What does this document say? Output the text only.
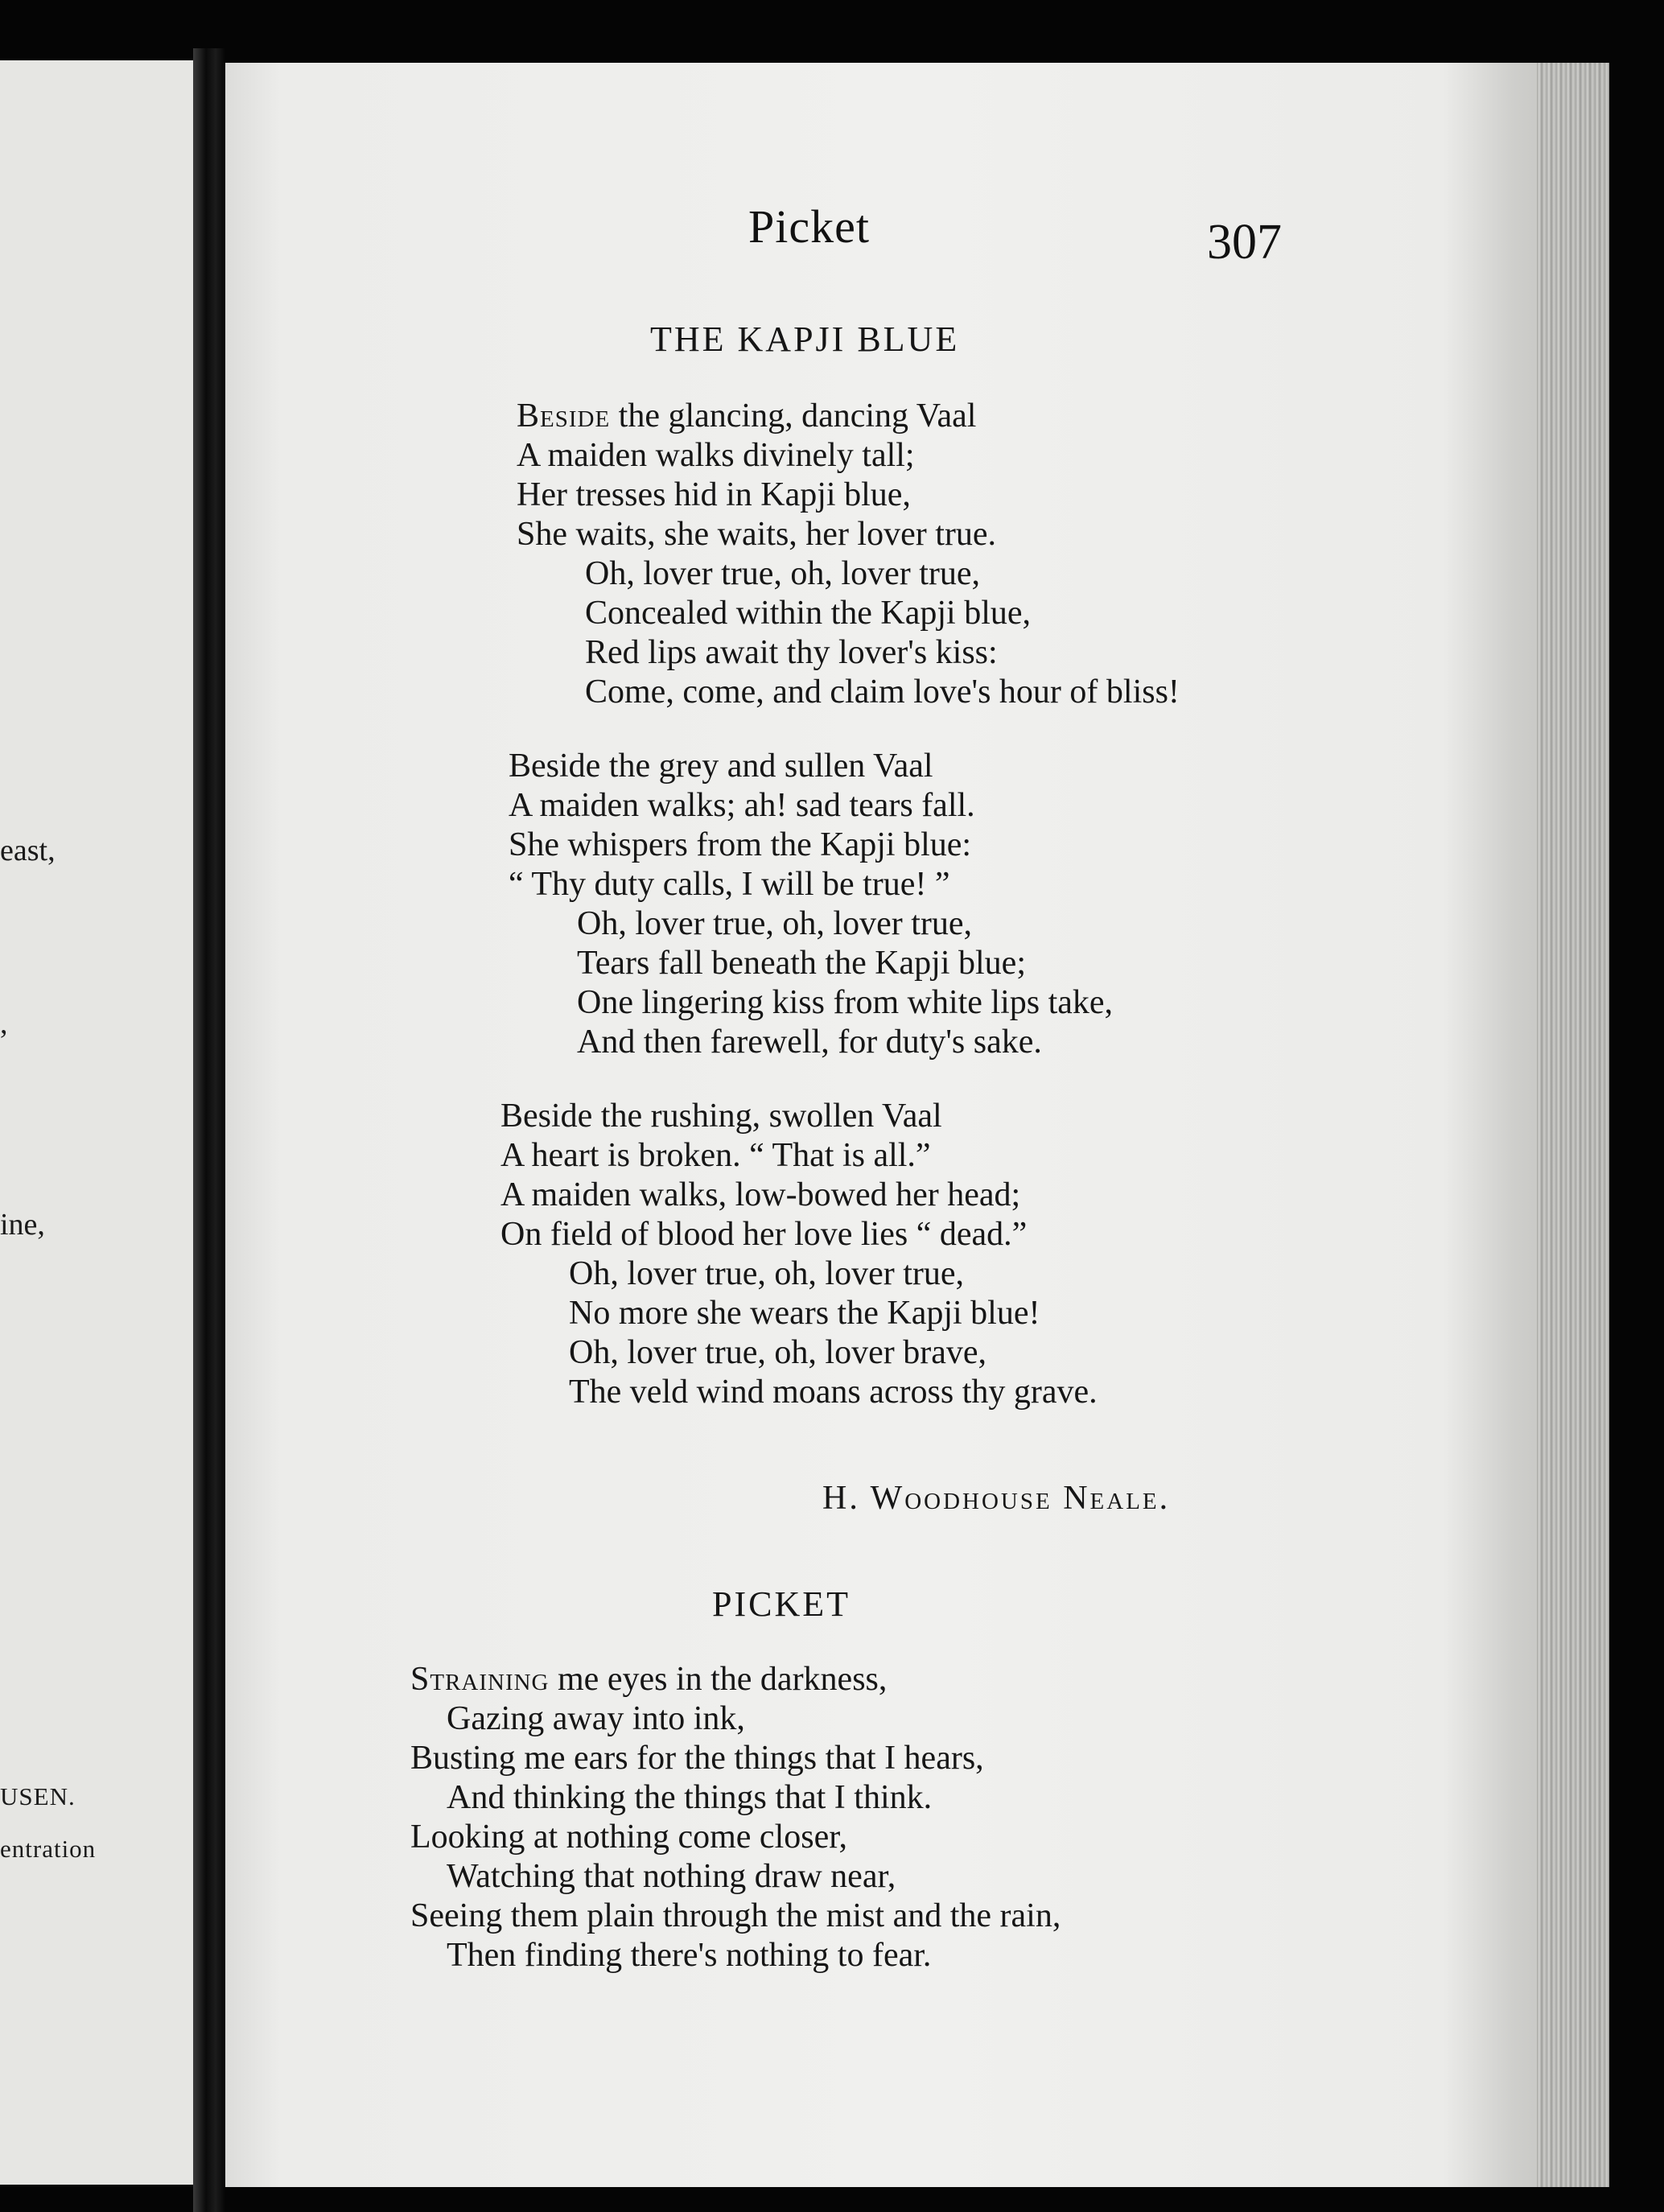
east,
,
ine,
USEN.
entration
Picket	307
THE KAPJI BLUE
Beside the glancing, dancing Vaal
A maiden walks divinely tall;
Her tresses hid in Kapji blue,
She waits, she waits, her lover true.
Oh, lover true, oh, lover true,
Concealed within the Kapji blue,
Red lips await thy lover's kiss:
Come, come, and claim love's hour of bliss!
Beside the grey and sullen Vaal
A maiden walks; ah! sad tears fall.
She whispers from the Kapji blue:
“ Thy duty calls, I will be true! ”
Oh, lover true, oh, lover true,
Tears fall beneath the Kapji blue;
One lingering kiss from white lips take,
And then farewell, for duty's sake.
Beside the rushing, swollen Vaal
A heart is broken. “ That is all.”
A maiden walks, low-bowed her head;
On field of blood her love lies “ dead.”
Oh, lover true, oh, lover true,
No more she wears the Kapji blue!
Oh, lover true, oh, lover brave,
The veld wind moans across thy grave.
H. Woodhouse Neale.
PICKET
Straining me eyes in the darkness,
Gazing away into ink,
Busting me ears for the things that I hears,
And thinking the things that I think.
Looking at nothing come closer,
Watching that nothing draw near,
Seeing them plain through the mist and the rain,
Then finding there's nothing to fear.
